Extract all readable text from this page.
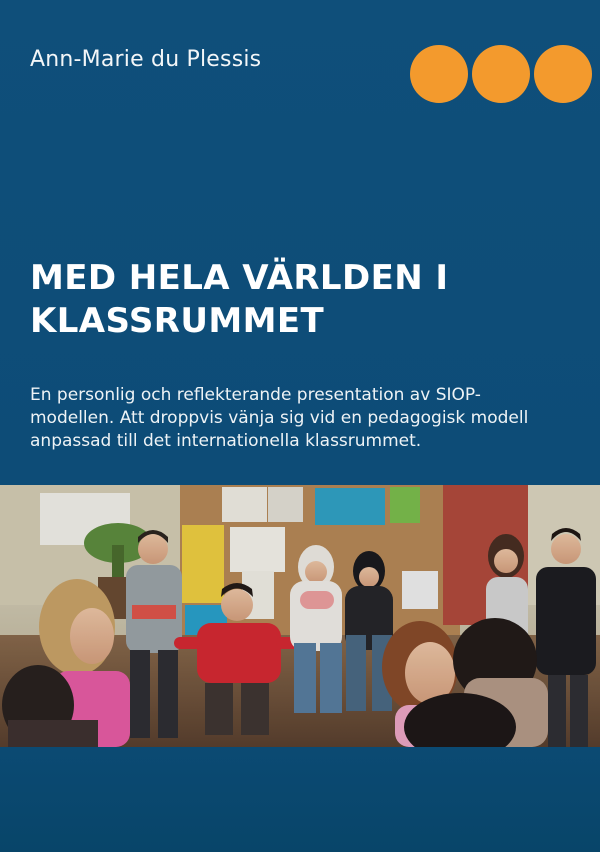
Ann-Marie du Plessis
MED HELA VÄRLDEN I
KLASSRUMMET
En personlig och reflekterande presentation av SIOP-modellen. Att droppvis vänja sig vid en pedagogisk modell anpassad till det internationella klassrummet.
